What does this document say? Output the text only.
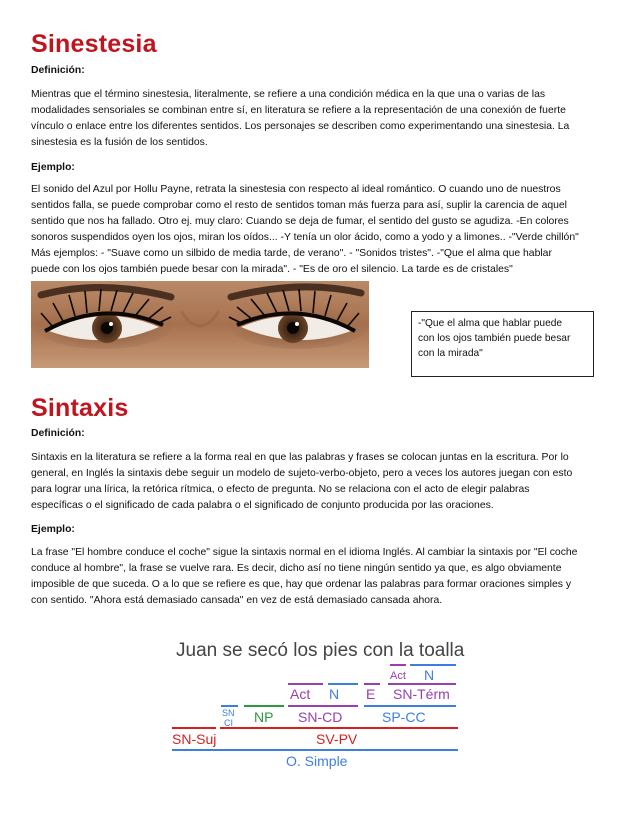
Sinestesia
Definición:
Mientras que el término sinestesia, literalmente, se refiere a una condición médica en la que una o varias de las
modalidades sensoriales se combinan entre sí, en literatura se refiere a la representación de una conexión de fuerte
vínculo o enlace entre los diferentes sentidos. Los personajes se describen como experimentando una sinestesia. La
sinestesia es la fusión de los sentidos.
Ejemplo:
El sonido del Azul por Hollu Payne, retrata la sinestesia con respecto al ideal romántico. O cuando uno de nuestros
sentidos falla, se puede comprobar como el resto de sentidos toman más fuerza para así, suplir la carencia de aquel
sentido que nos ha fallado. Otro ej. muy claro: Cuando se deja de fumar, el sentido del gusto se agudiza. -En colores
sonoros suspendidos oyen los ojos, miran los oídos... -Y tenía un olor ácido, como a yodo y a limones.. -"Verde chillón"
Más ejemplos: - "Suave como un silbido de media tarde, de verano". - "Sonidos tristes". -"Que el alma que hablar
puede con los ojos también puede besar con la mirada". - "Es de oro el silencio. La tarde es de cristales"
-"Que el alma que hablar puede
con los ojos también puede besar
con la mirada"
Sintaxis
Definición:
Sintaxis en la literatura se refiere a la forma real en que las palabras y frases se colocan juntas en la escritura. Por lo
general, en Inglés la sintaxis debe seguir un modelo de sujeto-verbo-objeto, pero a veces los autores juegan con esto
para lograr una lírica, la retórica rítmica, o efecto de pregunta. No se relaciona con el acto de elegir palabras
específicas o el significado de cada palabra o el significado de conjunto producida por las oraciones.
Ejemplo:
La frase "El hombre conduce el coche" sigue la sintaxis normal en el idioma Inglés. Al cambiar la sintaxis por "El coche
conduce al hombre", la frase se vuelve rara. Es decir, dicho así no tiene ningún sentido ya que, es algo obviamente
imposible de que suceda. O a lo que se refiere es que, hay que ordenar las palabras para formar oraciones simples y
con sentido. "Ahora está demasiado cansada" en vez de está demasiado cansada ahora.
Juan se secó los pies con la toalla
Act N
Act N E SN-Térm
SN
CI NP SN-CD	SP-CC
SN-Suj	SV-PV
O. Simple
